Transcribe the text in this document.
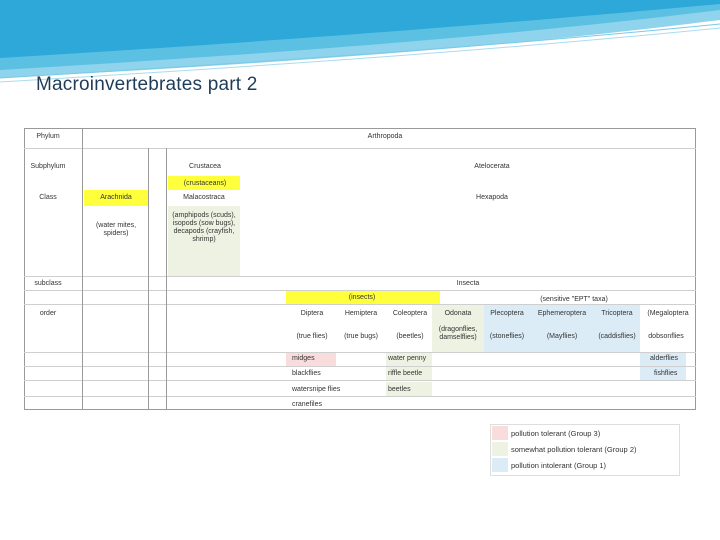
Macroinvertebrates part 2
Phylum
Subphylum
Class
subclass
order
Arthropoda
Crustacea
(crustaceans)
Atelocerata
Arachnida
(water mites, spiders)
Malacostraca
(amphipods (scuds), isopods (sow bugs), decapods (crayfish, shrimp)
Hexapoda
Insecta
(insects)	(sensitive "EPT" taxa)
Diptera
(true flies)
Hemiptera
(true bugs)
Coleoptera
(beetles)
Odonata
(dragonflies, damselflies)
Plecoptera
(stoneflies)
Ephemeroptera
(Mayflies)
Tricoptera
(caddisflies)
(Megaloptera
dobsonflies
midges
blackflies
watersnipe flies
cranefiles
water penny
riffle beetle
beetles
alderflies
fishflies
pollution tolerant (Group 3)
somewhat pollution tolerant (Group 2)
pollution intolerant (Group 1)
